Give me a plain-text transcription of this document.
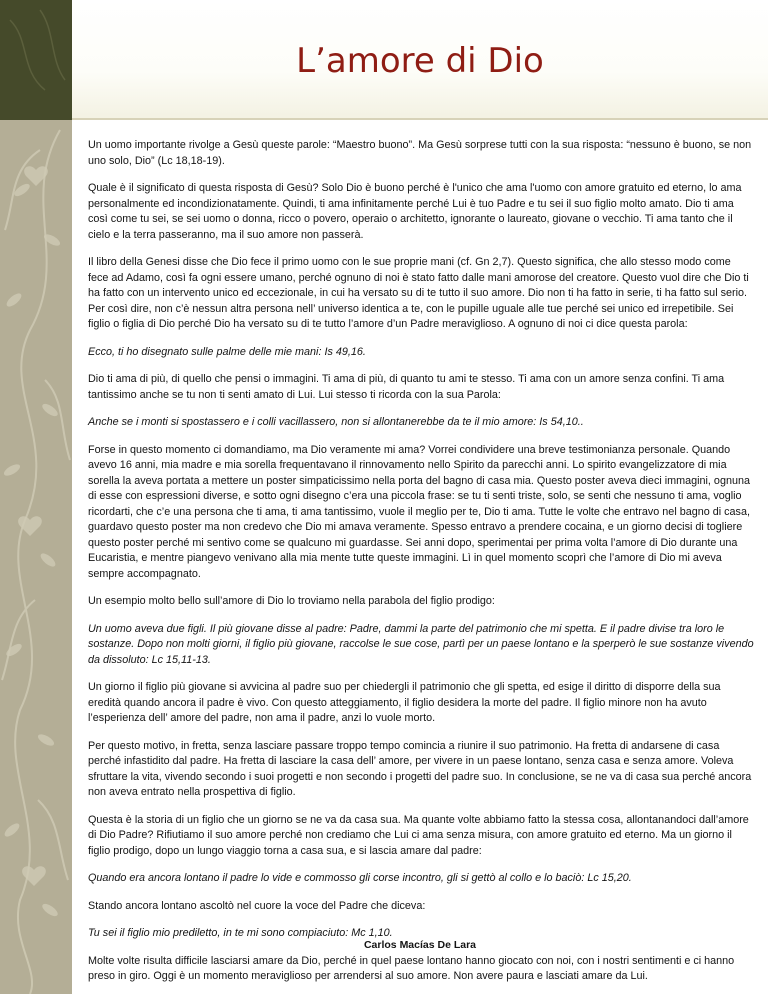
L’amore di Dio

Un uomo importante rivolge a Gesù queste parole: “Maestro buono”. Ma Gesù sorprese tutti con la sua risposta: “nessuno è buono, se non uno solo, Dio” (Lc 18,18-19).

Quale è il significato di questa risposta di Gesù? Solo Dio è buono perché è l'unico che ama l'uomo con amore gratuito ed eterno, lo ama personalmente ed incondizionatamente. Quindi, ti ama infinitamente perché Lui è tuo Padre e tu sei il suo figlio molto amato. Dio ti ama così come tu sei, se sei uomo o donna, ricco o povero, operaio o architetto, ignorante o laureato, giovane o vecchio. Ti ama tanto che il cielo e la terra passeranno, ma il suo amore non passerà.

Il libro della Genesi disse che Dio fece il primo uomo con le sue proprie mani (cf. Gn 2,7). Questo significa, che allo stesso modo come fece ad Adamo, così fa ogni essere umano, perché ognuno di noi è stato fatto dalle mani amorose del creatore. Questo vuol dire che Dio ti ha fatto con un intervento unico ed eccezionale, in cui ha versato su di te tutto il suo amore. Dio non ti ha fatto in serie, ti ha fatto sul serio. Per così dire, non c’è nessun altra persona nell’ universo identica a te, con le pupille uguale alle tue perché sei unico ed irrepetibile. Sei figlio o figlia di Dio perché Dio ha versato su di te tutto l’amore d’un Padre meraviglioso. A ognuno di noi ci dice questa parola:

Ecco, ti ho disegnato sulle palme delle mie mani: Is 49,16.

Dio ti ama di più, di quello che pensi o immagini. Ti ama di più, di quanto tu ami te stesso. Ti ama con un amore senza confini. Ti ama tantissimo anche se tu non ti senti amato di Lui. Lui stesso ti ricorda con la sua Parola:

Anche se i monti si spostassero e i colli vacillassero, non si allontanerebbe da te il mio amore: Is 54,10..

Forse in questo momento ci domandiamo, ma Dio veramente mi ama? Vorrei condividere una breve testimonianza personale. Quando avevo 16 anni, mia madre e mia sorella frequentavano il rinnovamento nello Spirito da parecchi anni. Lo spirito evangelizzatore di mia sorella la aveva portata a mettere un poster simpaticissimo nella porta del bagno di casa mia. Questo poster aveva dieci immagini, ognuna di esse con espressioni diverse, e sotto ogni disegno c’era una piccola frase: se tu ti senti triste, solo, se senti che nessuno ti ama, voglio ricordarti, che c’e una persona che ti ama, ti ama tantissimo, vuole il meglio per te, Dio ti ama. Tutte le volte che entravo nel bagno di casa, guardavo questo poster ma non credevo che Dio mi amava veramente. Spesso entravo a prendere cocaina, e un giorno decisi di togliere questo poster perché mi sentivo come se qualcuno mi guardasse. Sei anni dopo, sperimentai per prima volta l’amore di Dio durante una Eucaristia, e mentre piangevo venivano alla mia mente tutte queste immagini. Lì in quel momento scoprì che l’amore di Dio mi aveva sempre accompagnato.

Un esempio molto bello sull’amore di Dio lo troviamo nella parabola del figlio prodigo:

Un uomo aveva due figli. Il più giovane disse al padre: Padre, dammi la parte del patrimonio che mi spetta. E il padre divise tra loro le sostanze. Dopo non molti giorni, il figlio più giovane, raccolse le sue cose, partì per un paese lontano e la sperperò le sue sostanze vivendo da dissoluto: Lc 15,11-13.

Un giorno il figlio più giovane si avvicina al padre suo per chiedergli il patrimonio che gli spetta, ed esige il diritto di disporre della sua eredità quando ancora il padre è vivo. Con questo atteggiamento, il figlio desidera la morte del padre. Il figlio minore non ha avuto l’esperienza dell’ amore del padre, non ama il padre, anzi lo vuole morto.

Per questo motivo, in fretta, senza lasciare passare troppo tempo comincia a riunire il suo patrimonio. Ha fretta di andarsene di casa perché infastidito dal padre. Ha fretta di lasciare la casa dell’ amore, per vivere in un paese lontano, senza casa e senza amore. Voleva sfruttare la vita, vivendo secondo i suoi progetti e non secondo i progetti del padre suo. In conclusione, se ne va di casa sua perché ancora non aveva entrato nella prospettiva di figlio.

Questa è la storia di un figlio che un giorno se ne va da casa sua. Ma quante volte abbiamo fatto la stessa cosa, allontanandoci dall’amore di Dio Padre? Rifiutiamo il suo amore perché non crediamo che Lui ci ama senza misura, con amore gratuito ed eterno. Ma un giorno il figlio prodigo, dopo un lungo viaggio torna a casa sua, e si lascia amare dal padre:

Quando era ancora lontano il padre lo vide e commosso gli corse incontro, gli si gettò al collo e lo baciò: Lc 15,20.

Stando ancora lontano ascoltò nel cuore la voce del Padre che diceva:

Tu sei il figlio mio prediletto, in te mi sono compiaciuto: Mc 1,10.

Molte volte risulta difficile lasciarsi amare da Dio, perché in quel paese lontano hanno giocato con noi, con i nostri sentimenti e ci hanno preso in giro. Oggi è un momento meraviglioso per arrendersi al suo amore. Non avere paura e lasciati amare da Lui.

Carlos Macías De Lara
